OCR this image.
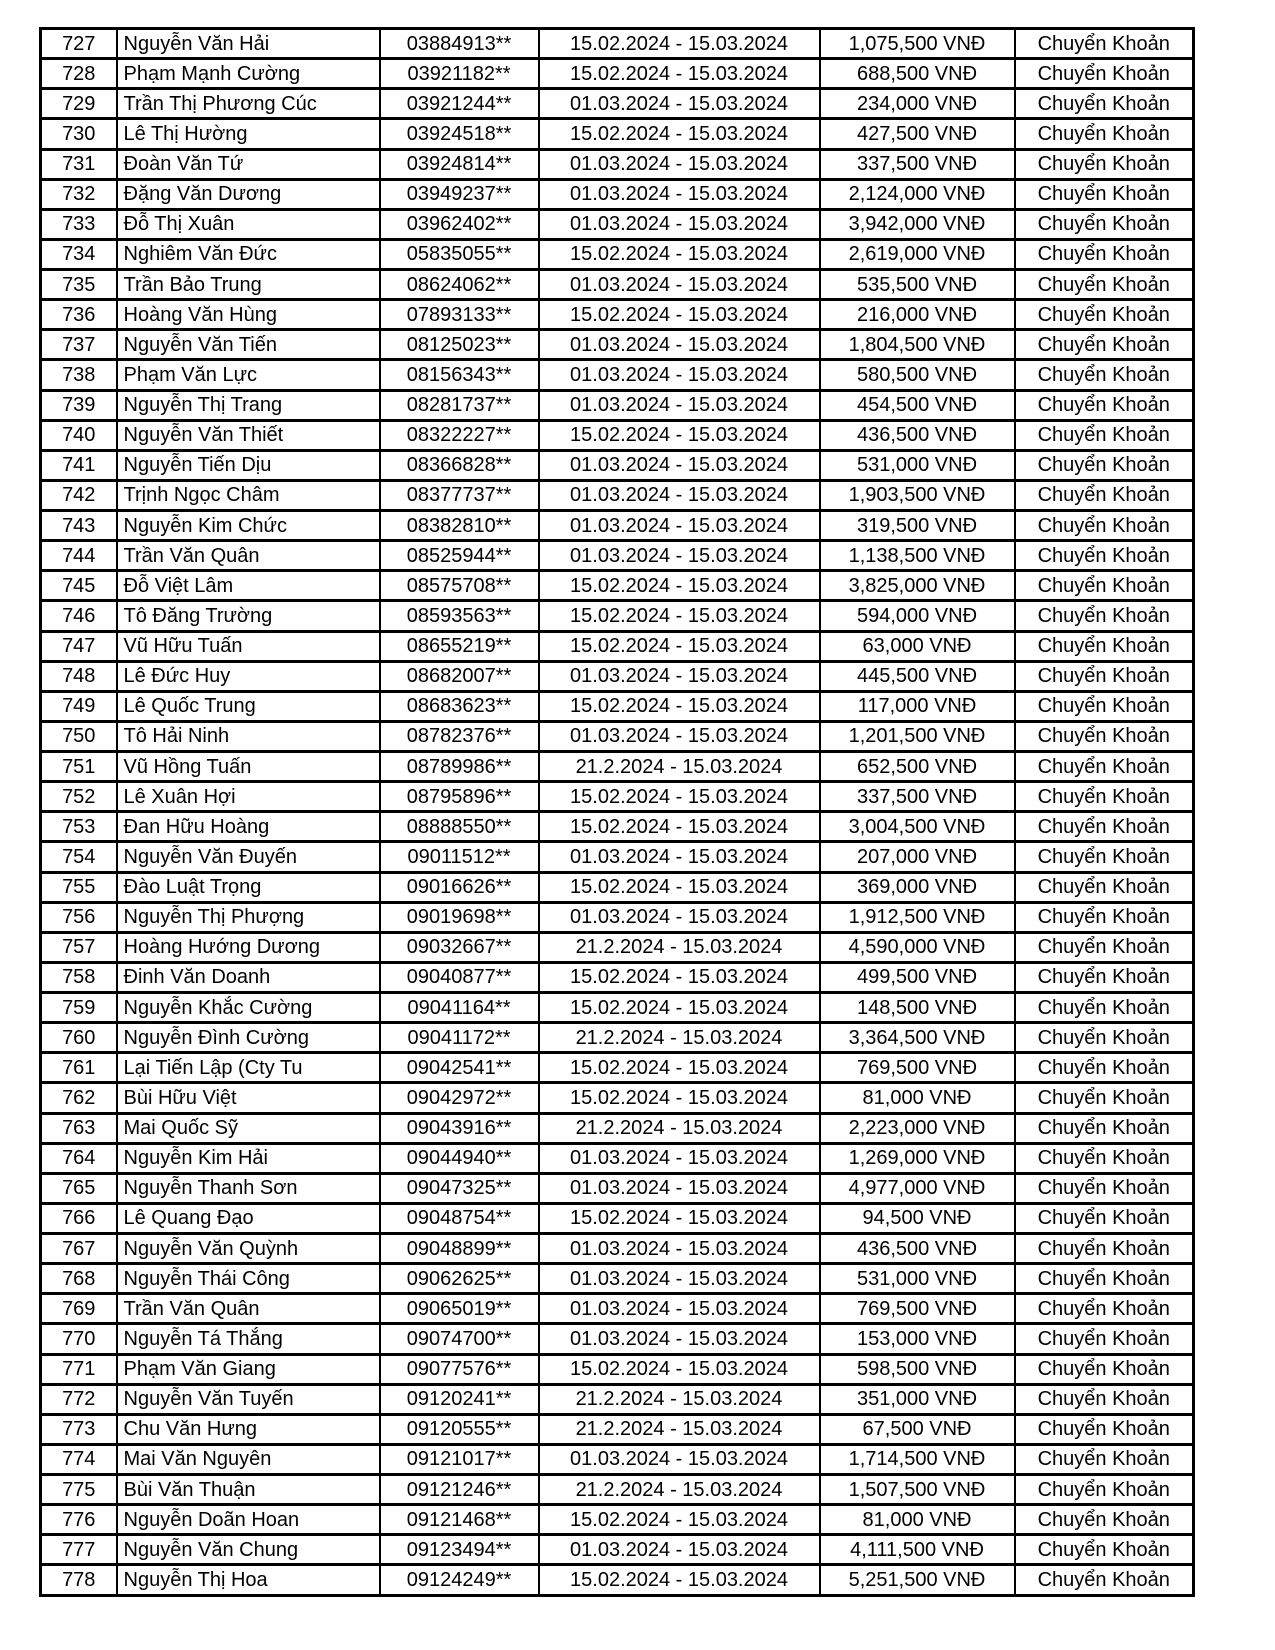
727	Nguyễn Văn Hải	03884913**	15.02.2024 - 15.03.2024	1,075,500 VNĐ	Chuyển Khoản
728	Phạm Mạnh Cường	03921182**	15.02.2024 - 15.03.2024	688,500 VNĐ	Chuyển Khoản
729	Trần Thị Phương Cúc	03921244**	01.03.2024 - 15.03.2024	234,000 VNĐ	Chuyển Khoản
730	Lê Thị Hường	03924518**	15.02.2024 - 15.03.2024	427,500 VNĐ	Chuyển Khoản
731	Đoàn Văn Tứ	03924814**	01.03.2024 - 15.03.2024	337,500 VNĐ	Chuyển Khoản
732	Đặng Văn Dương	03949237**	01.03.2024 - 15.03.2024	2,124,000 VNĐ	Chuyển Khoản
733	Đỗ Thị Xuân	03962402**	01.03.2024 - 15.03.2024	3,942,000 VNĐ	Chuyển Khoản
734	Nghiêm Văn Đức	05835055**	15.02.2024 - 15.03.2024	2,619,000 VNĐ	Chuyển Khoản
735	Trần Bảo Trung	08624062**	01.03.2024 - 15.03.2024	535,500 VNĐ	Chuyển Khoản
736	Hoàng Văn Hùng	07893133**	15.02.2024 - 15.03.2024	216,000 VNĐ	Chuyển Khoản
737	Nguyễn Văn Tiến	08125023**	01.03.2024 - 15.03.2024	1,804,500 VNĐ	Chuyển Khoản
738	Phạm Văn Lực	08156343**	01.03.2024 - 15.03.2024	580,500 VNĐ	Chuyển Khoản
739	Nguyễn Thị Trang	08281737**	01.03.2024 - 15.03.2024	454,500 VNĐ	Chuyển Khoản
740	Nguyễn Văn Thiết	08322227**	15.02.2024 - 15.03.2024	436,500 VNĐ	Chuyển Khoản
741	Nguyễn Tiến Dịu	08366828**	01.03.2024 - 15.03.2024	531,000 VNĐ	Chuyển Khoản
742	Trịnh Ngọc Châm	08377737**	01.03.2024 - 15.03.2024	1,903,500 VNĐ	Chuyển Khoản
743	Nguyễn Kim Chức	08382810**	01.03.2024 - 15.03.2024	319,500 VNĐ	Chuyển Khoản
744	Trần Văn Quân	08525944**	01.03.2024 - 15.03.2024	1,138,500 VNĐ	Chuyển Khoản
745	Đỗ Việt Lâm	08575708**	15.02.2024 - 15.03.2024	3,825,000 VNĐ	Chuyển Khoản
746	Tô Đăng Trường	08593563**	15.02.2024 - 15.03.2024	594,000 VNĐ	Chuyển Khoản
747	Vũ Hữu Tuấn	08655219**	15.02.2024 - 15.03.2024	63,000 VNĐ	Chuyển Khoản
748	Lê Đức Huy	08682007**	01.03.2024 - 15.03.2024	445,500 VNĐ	Chuyển Khoản
749	Lê Quốc Trung	08683623**	15.02.2024 - 15.03.2024	117,000 VNĐ	Chuyển Khoản
750	Tô Hải Ninh	08782376**	01.03.2024 - 15.03.2024	1,201,500 VNĐ	Chuyển Khoản
751	Vũ Hồng Tuấn	08789986**	21.2.2024 - 15.03.2024	652,500 VNĐ	Chuyển Khoản
752	Lê Xuân Hợi	08795896**	15.02.2024 - 15.03.2024	337,500 VNĐ	Chuyển Khoản
753	Đan Hữu Hoàng	08888550**	15.02.2024 - 15.03.2024	3,004,500 VNĐ	Chuyển Khoản
754	Nguyễn Văn Đuyến	09011512**	01.03.2024 - 15.03.2024	207,000 VNĐ	Chuyển Khoản
755	Đào Luật Trọng	09016626**	15.02.2024 - 15.03.2024	369,000 VNĐ	Chuyển Khoản
756	Nguyễn Thị Phượng	09019698**	01.03.2024 - 15.03.2024	1,912,500 VNĐ	Chuyển Khoản
757	Hoàng Hướng Dương	09032667**	21.2.2024 - 15.03.2024	4,590,000 VNĐ	Chuyển Khoản
758	Đinh Văn Doanh	09040877**	15.02.2024 - 15.03.2024	499,500 VNĐ	Chuyển Khoản
759	Nguyễn Khắc Cường	09041164**	15.02.2024 - 15.03.2024	148,500 VNĐ	Chuyển Khoản
760	Nguyễn Đình Cường	09041172**	21.2.2024 - 15.03.2024	3,364,500 VNĐ	Chuyển Khoản
761	Lại Tiến Lập (Cty Tu	09042541**	15.02.2024 - 15.03.2024	769,500 VNĐ	Chuyển Khoản
762	Bùi Hữu Việt	09042972**	15.02.2024 - 15.03.2024	81,000 VNĐ	Chuyển Khoản
763	Mai Quốc Sỹ	09043916**	21.2.2024 - 15.03.2024	2,223,000 VNĐ	Chuyển Khoản
764	Nguyễn Kim Hải	09044940**	01.03.2024 - 15.03.2024	1,269,000 VNĐ	Chuyển Khoản
765	Nguyễn Thanh Sơn	09047325**	01.03.2024 - 15.03.2024	4,977,000 VNĐ	Chuyển Khoản
766	Lê Quang Đạo	09048754**	15.02.2024 - 15.03.2024	94,500 VNĐ	Chuyển Khoản
767	Nguyễn Văn Quỳnh	09048899**	01.03.2024 - 15.03.2024	436,500 VNĐ	Chuyển Khoản
768	Nguyễn Thái Công	09062625**	01.03.2024 - 15.03.2024	531,000 VNĐ	Chuyển Khoản
769	Trần Văn Quân	09065019**	01.03.2024 - 15.03.2024	769,500 VNĐ	Chuyển Khoản
770	Nguyễn Tá Thắng	09074700**	01.03.2024 - 15.03.2024	153,000 VNĐ	Chuyển Khoản
771	Phạm Văn Giang	09077576**	15.02.2024 - 15.03.2024	598,500 VNĐ	Chuyển Khoản
772	Nguyễn Văn Tuyến	09120241**	21.2.2024 - 15.03.2024	351,000 VNĐ	Chuyển Khoản
773	Chu Văn Hưng	09120555**	21.2.2024 - 15.03.2024	67,500 VNĐ	Chuyển Khoản
774	Mai Văn Nguyên	09121017**	01.03.2024 - 15.03.2024	1,714,500 VNĐ	Chuyển Khoản
775	Bùi Văn Thuận	09121246**	21.2.2024 - 15.03.2024	1,507,500 VNĐ	Chuyển Khoản
776	Nguyễn Doãn Hoan	09121468**	15.02.2024 - 15.03.2024	81,000 VNĐ	Chuyển Khoản
777	Nguyễn Văn Chung	09123494**	01.03.2024 - 15.03.2024	4,111,500 VNĐ	Chuyển Khoản
778	Nguyễn Thị Hoa	09124249**	15.02.2024 - 15.03.2024	5,251,500 VNĐ	Chuyển Khoản
